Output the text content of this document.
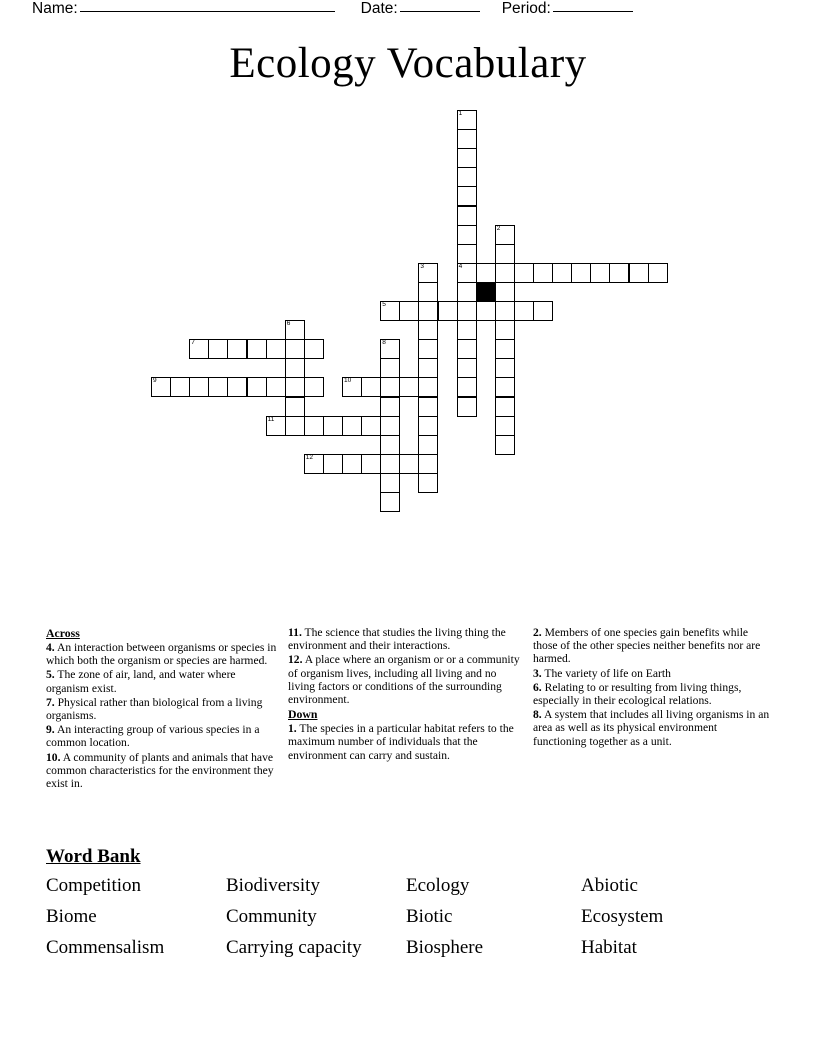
Name:	Date:	Period:
Ecology Vocabulary
1
4
2
3
5
6
7	8
9	10
11
12
Across

4. An interaction between organisms or species in which both the organism or species are harmed.

5. The zone of air, land, and water where organism exist.

7. Physical rather than biological from a living organisms.

9. An interacting group of various species in a common location.

10. A community of plants and animals that have common characteristics for the environment they exist in.

11. The science that studies the living thing the environment and their interactions.

12. A place where an organism or or a community of organism lives, including all living and no living factors or conditions of the surrounding environment.

Down

1. The species in a particular habitat refers to the maximum number of individuals that the environment can carry and sustain.

2. Members of one species gain benefits while those of the other species neither benefits nor are harmed.

3. The variety of life on Earth

6. Relating to or resulting from living things, especially in their ecological relations.

8. A system that includes all living organisms in an area as well as its physical environment functioning together as a unit.

Word Bank
Competition	Biodiversity	Ecology	Abiotic
Biome	Community	Biotic	Ecosystem
Commensalism	Carrying capacity	Biosphere	Habitat
